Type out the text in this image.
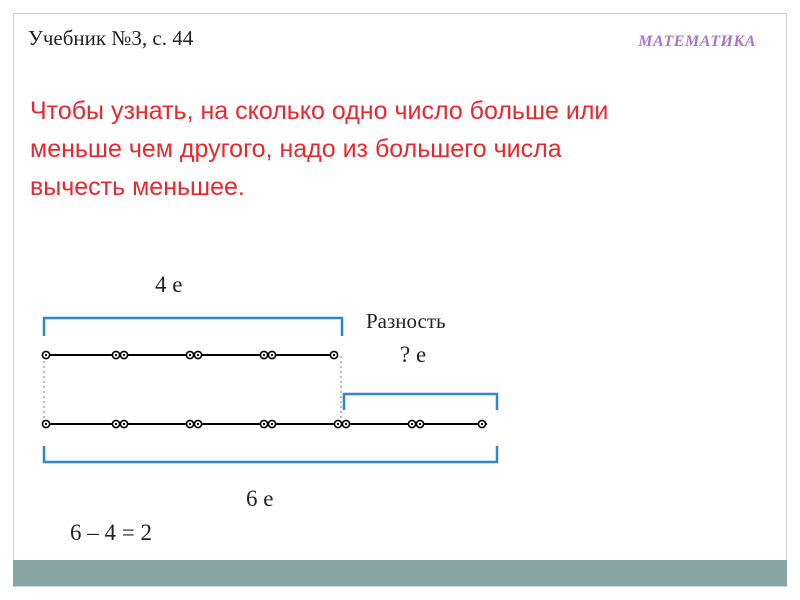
Учебник №3, с. 44	МАТЕМАТИКА
Чтобы узнать, на сколько одно число больше или
меньше чем другого, надо из большего числа
вычесть меньшее.
4 е
Разность
? е
6 е
6 – 4 = 2
